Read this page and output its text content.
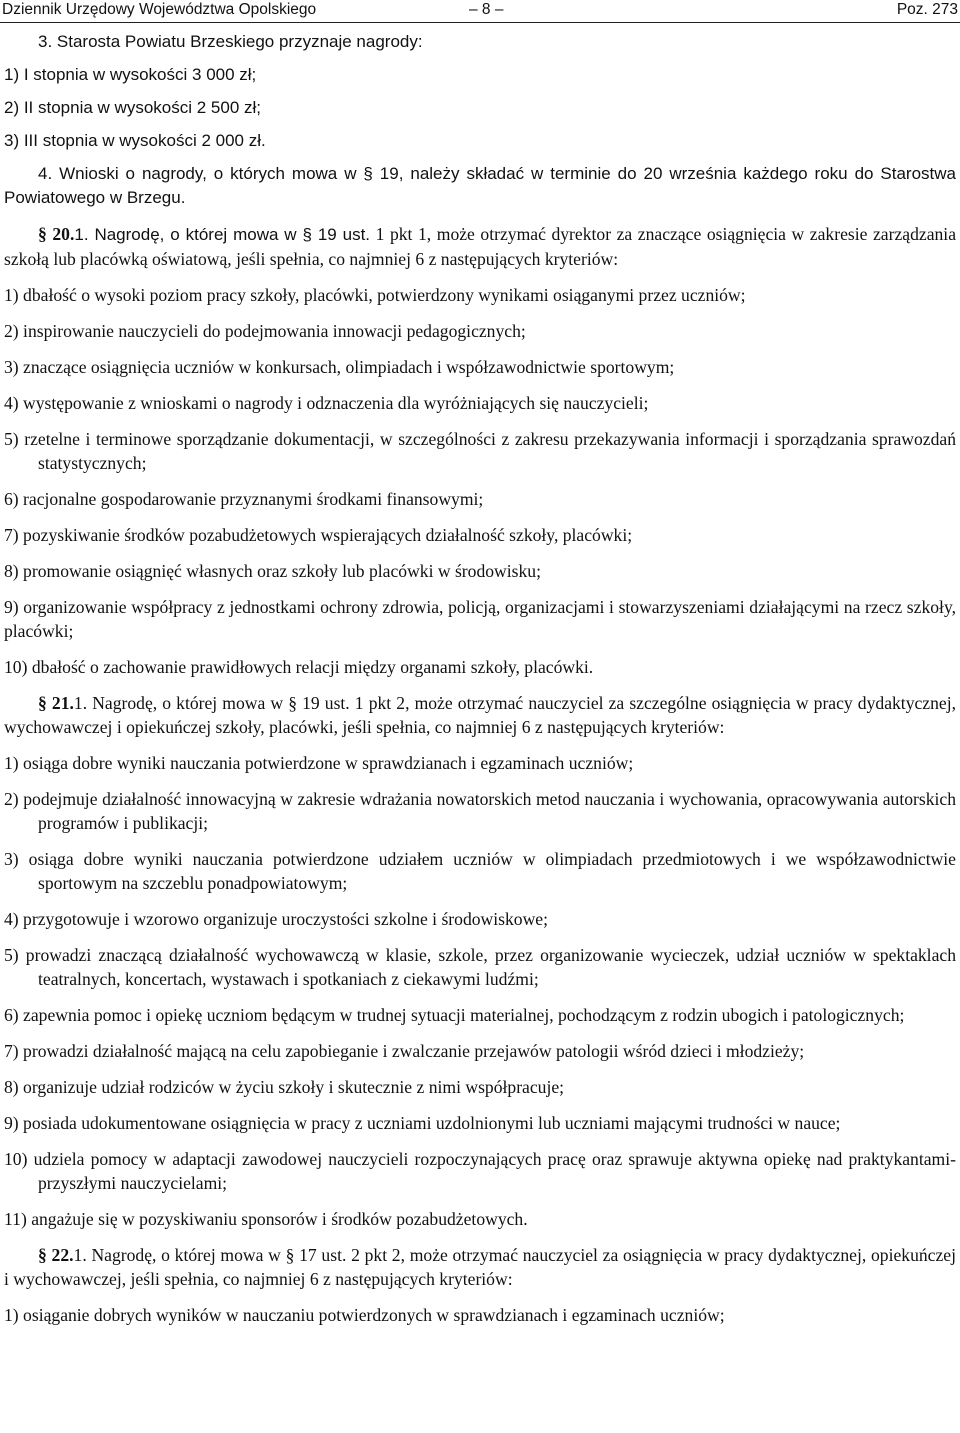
Dziennik Urzędowy Województwa Opolskiego	– 8 –	Poz. 273

3. Starosta Powiatu Brzeskiego przyznaje nagrody:

1) I stopnia w wysokości 3 000 zł;

2) II stopnia w wysokości 2 500 zł;

3) III stopnia w wysokości 2 000 zł.

4. Wnioski o nagrody, o których mowa w § 19, należy składać w terminie do 20 września każdego roku do Starostwa Powiatowego w Brzegu.

§ 20.1. Nagrodę, o której mowa w § 19 ust. 1 pkt 1, może otrzymać dyrektor za znaczące osiągnięcia w zakresie zarządzania szkołą lub placówką oświatową, jeśli spełnia, co najmniej 6 z następujących kryteriów:

1) dbałość o wysoki poziom pracy szkoły, placówki, potwierdzony wynikami osiąganymi przez uczniów;

2) inspirowanie nauczycieli do podejmowania innowacji pedagogicznych;

3) znaczące osiągnięcia uczniów w konkursach, olimpiadach i współzawodnictwie sportowym;

4) występowanie z wnioskami o nagrody i odznaczenia dla wyróżniających się nauczycieli;

5) rzetelne i terminowe sporządzanie dokumentacji, w szczególności z zakresu przekazywania informacji i sporządzania sprawozdań statystycznych;

6) racjonalne gospodarowanie przyznanymi środkami finansowymi;

7) pozyskiwanie środków pozabudżetowych wspierających działalność szkoły, placówki;

8) promowanie osiągnięć własnych oraz szkoły lub placówki w środowisku;

9) organizowanie współpracy z jednostkami ochrony zdrowia, policją, organizacjami i stowarzyszeniami działającymi na rzecz szkoły, placówki;

10) dbałość o zachowanie prawidłowych relacji między organami szkoły, placówki.

§ 21.1. Nagrodę, o której mowa w § 19 ust. 1 pkt 2, może otrzymać nauczyciel za szczególne osiągnięcia w pracy dydaktycznej, wychowawczej i opiekuńczej szkoły, placówki, jeśli spełnia, co najmniej 6 z następujących kryteriów:

1) osiąga dobre wyniki nauczania potwierdzone w sprawdzianach i egzaminach uczniów;

2) podejmuje działalność innowacyjną w zakresie wdrażania nowatorskich metod nauczania i wychowania, opracowywania autorskich programów i publikacji;

3) osiąga dobre wyniki nauczania potwierdzone udziałem uczniów w olimpiadach przedmiotowych i we współzawodnictwie sportowym na szczeblu ponadpowiatowym;

4) przygotowuje i wzorowo organizuje uroczystości szkolne i środowiskowe;

5) prowadzi znaczącą działalność wychowawczą w klasie, szkole, przez organizowanie wycieczek, udział uczniów w spektaklach teatralnych, koncertach, wystawach i spotkaniach z ciekawymi ludźmi;

6) zapewnia pomoc i opiekę uczniom będącym w trudnej sytuacji materialnej, pochodzącym z rodzin ubogich i patologicznych;

7) prowadzi działalność mającą na celu zapobieganie i zwalczanie przejawów patologii wśród dzieci i młodzieży;

8) organizuje udział rodziców w życiu szkoły i skutecznie z nimi współpracuje;

9) posiada udokumentowane osiągnięcia w pracy z uczniami uzdolnionymi lub uczniami mającymi trudności w nauce;

10) udziela pomocy w adaptacji zawodowej nauczycieli rozpoczynających pracę oraz sprawuje aktywna opiekę nad praktykantami- przyszłymi nauczycielami;

11) angażuje się w pozyskiwaniu sponsorów i środków pozabudżetowych.

§ 22.1. Nagrodę, o której mowa w § 17 ust. 2 pkt 2, może otrzymać nauczyciel za osiągnięcia w pracy dydaktycznej, opiekuńczej i wychowawczej, jeśli spełnia, co najmniej 6 z następujących kryteriów:

1) osiąganie dobrych wyników w nauczaniu potwierdzonych w sprawdzianach i egzaminach uczniów;
